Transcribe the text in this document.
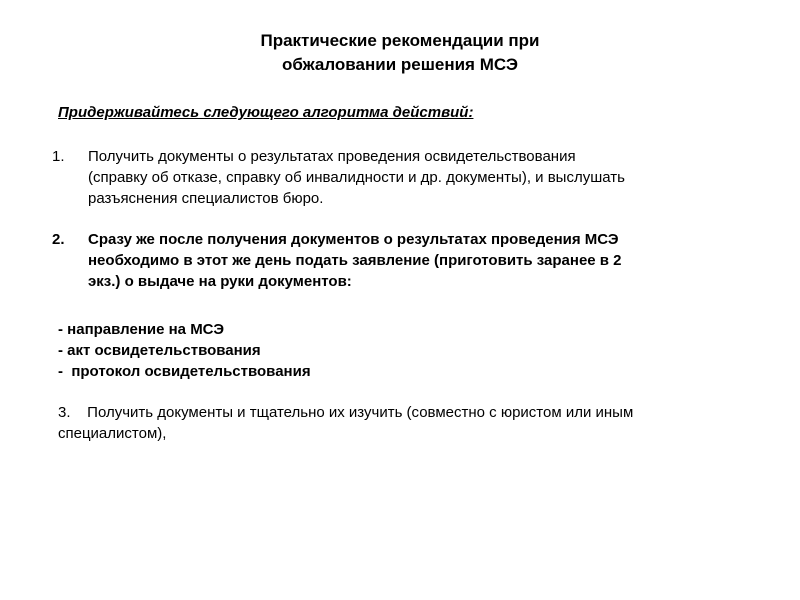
Практические рекомендации при
обжаловании решения МСЭ
Придерживайтесь следующего алгоритма действий:
1. Получить документы о результатах проведения освидетельствования
(справку об отказе, справку об инвалидности и др. документы), и выслушать
разъяснения специалистов бюро.
2. Сразу же после получения документов о результатах проведения МСЭ
необходимо в этот же день подать заявление (приготовить заранее в 2
экз.) о выдаче на руки документов:
- направление на МСЭ
- акт освидетельствования
-  протокол освидетельствования
3.    Получить документы и тщательно их изучить (совместно с юристом или иным
специалистом),
